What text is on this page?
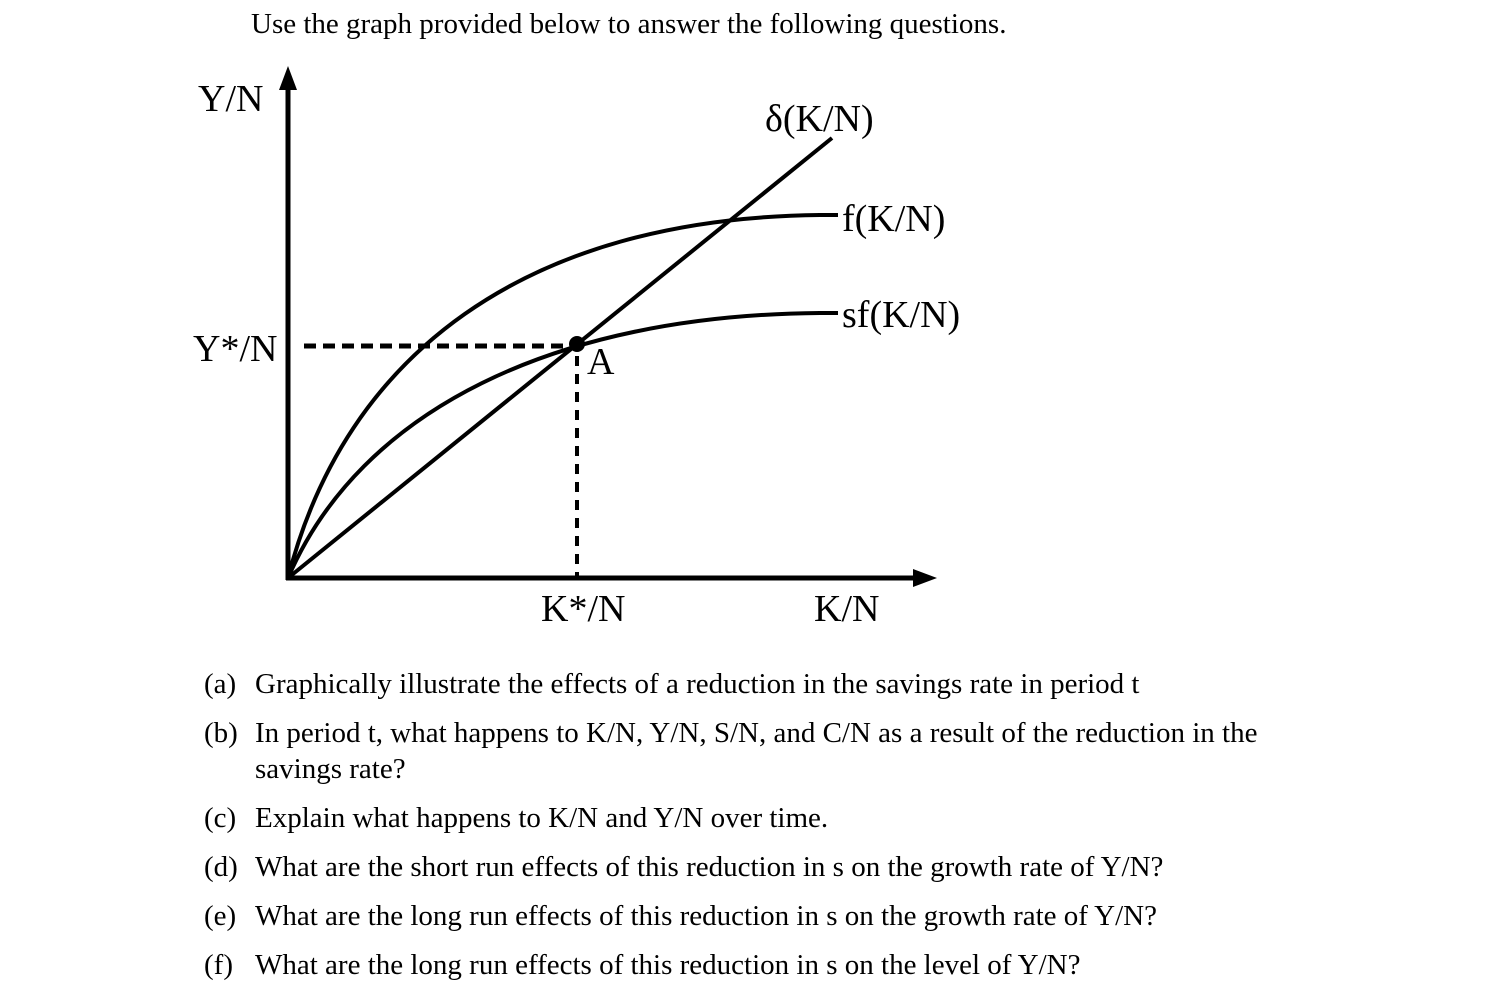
Use the graph provided below to answer the following questions.
Y/N
Y*/N	A
δ(K/N)
f(K/N)
sf(K/N)
K*/N	K/N
(a) Graphically illustrate the effects of a reduction in the savings rate in period t
(b) In period t, what happens to K/N, Y/N, S/N, and C/N as a result of the reduction in the savings rate?
(c) Explain what happens to K/N and Y/N over time.
(d) What are the short run effects of this reduction in s on the growth rate of Y/N?
(e) What are the long run effects of this reduction in s on the growth rate of Y/N?
(f) What are the long run effects of this reduction in s on the level of Y/N?
